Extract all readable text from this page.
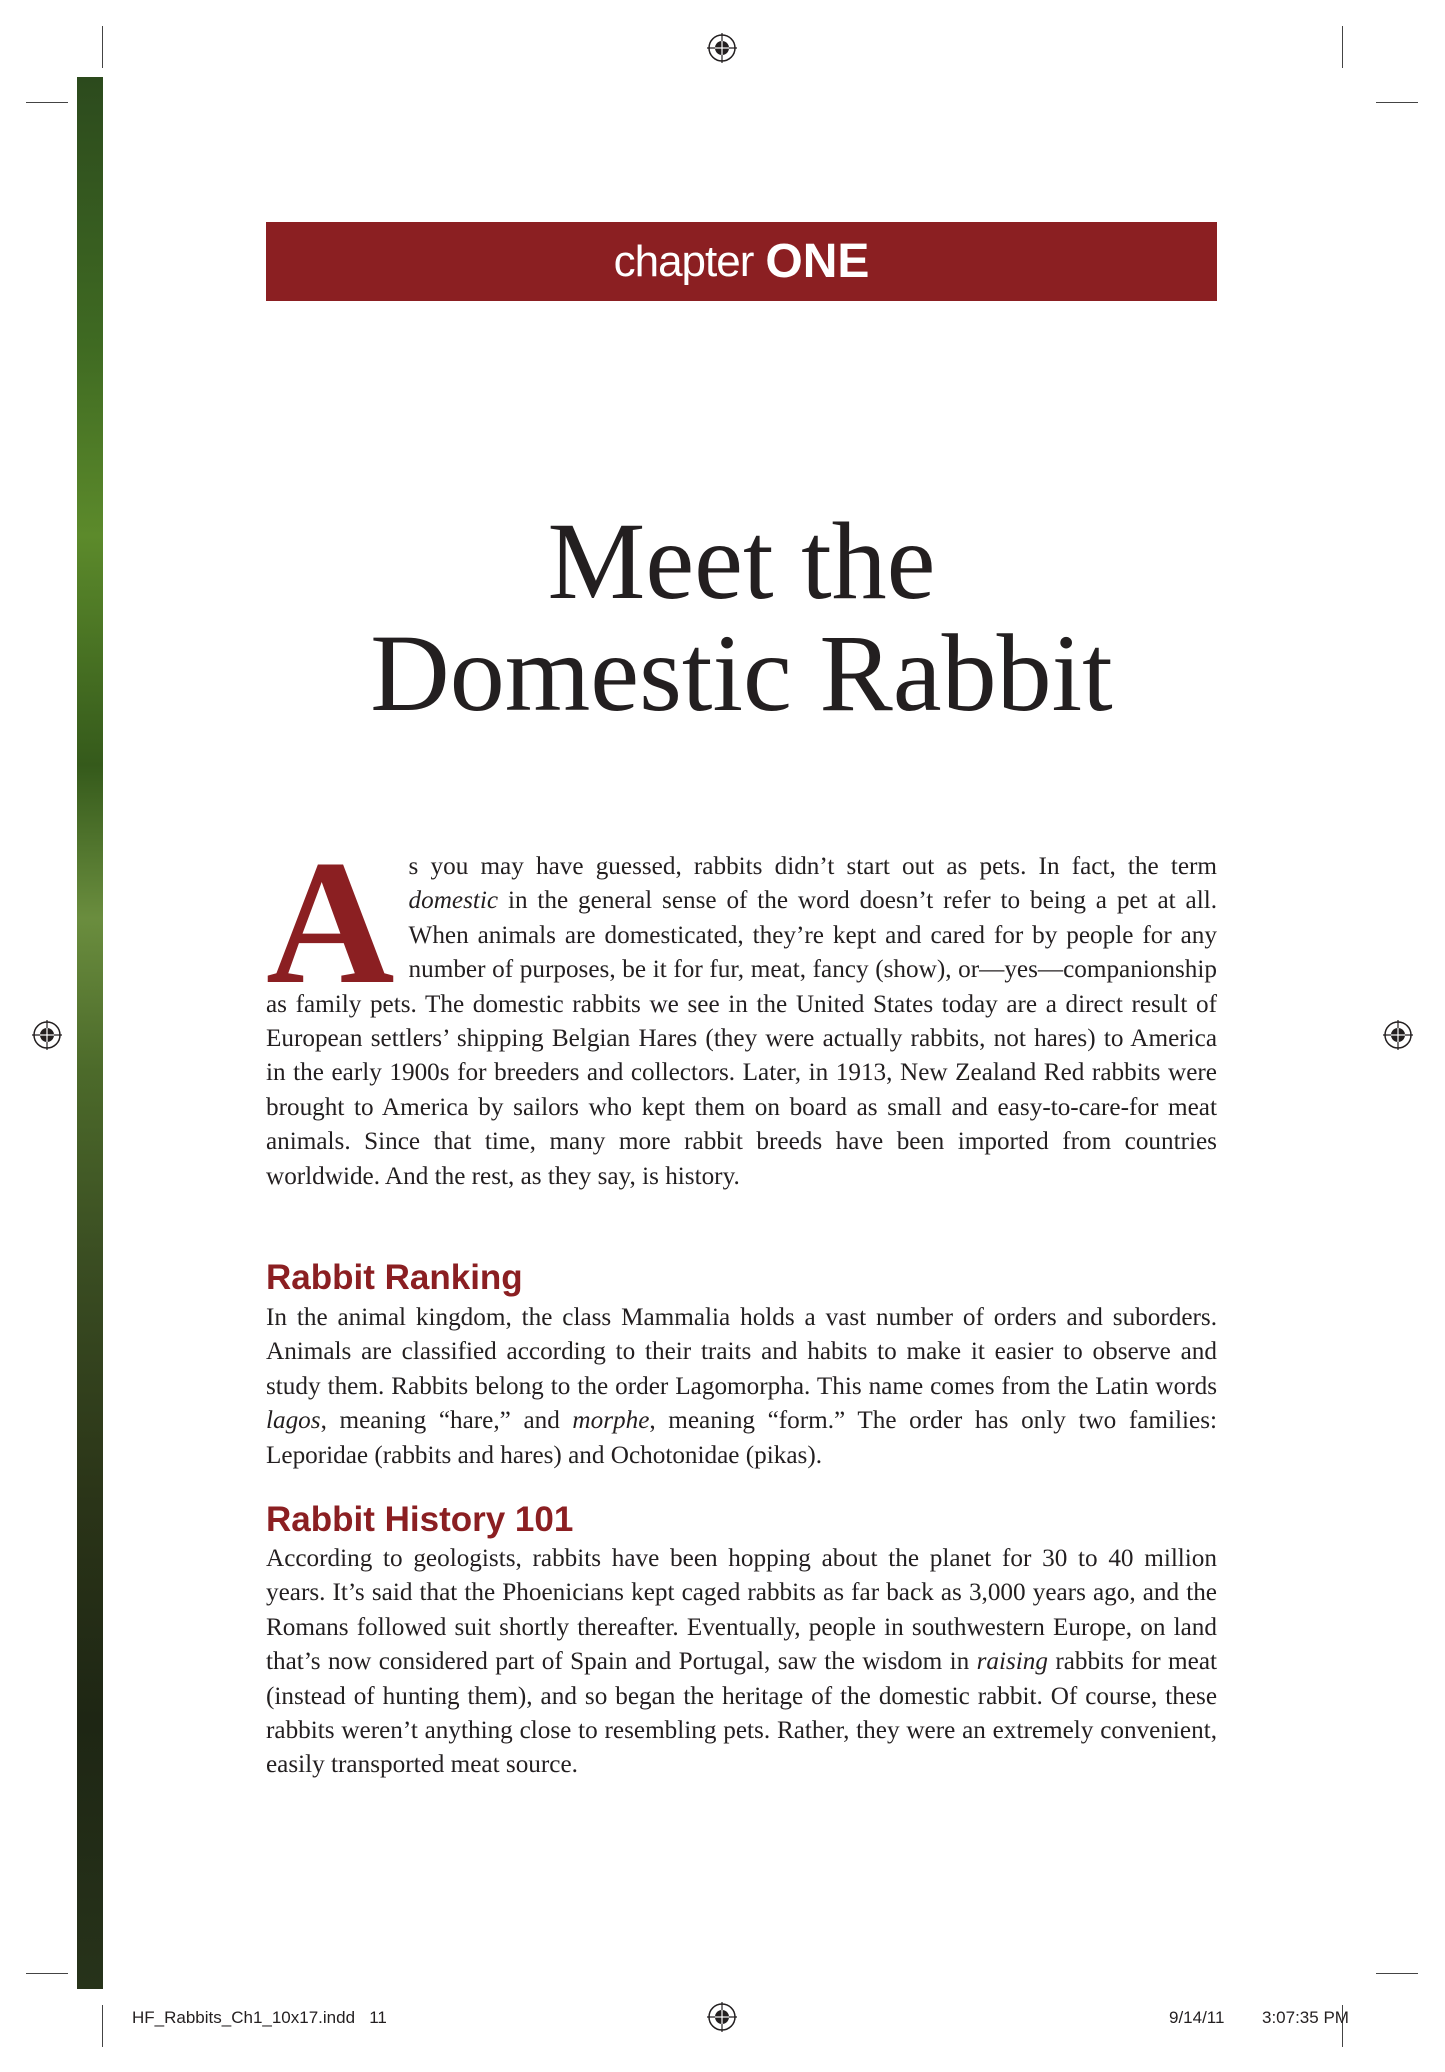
chapter ONE
Meet the
Domestic Rabbit

As you may have guessed, rabbits didn’t start out as pets. In fact, the term domestic in the general sense of the word doesn’t refer to being a pet at all. When animals are domesticated, they’re kept and cared for by people for any number of purposes, be it for fur, meat, fancy (show), or—yes—companionship as family pets. The domestic rabbits we see in the United States today are a direct result of European settlers’ shipping Belgian Hares (they were actually rabbits, not hares) to America in the early 1900s for breeders and collectors. Later, in 1913, New Zealand Red rabbits were brought to America by sailors who kept them on board as small and easy-to-care-for meat animals. Since that time, many more rabbit breeds have been imported from countries worldwide. And the rest, as they say, is history.

Rabbit Ranking

In the animal kingdom, the class Mammalia holds a vast number of orders and suborders. Animals are classified according to their traits and habits to make it easier to observe and study them. Rabbits belong to the order Lagomorpha. This name comes from the Latin words lagos, meaning “hare,” and morphe, meaning “form.” The order has only two families: Leporidae (rabbits and hares) and Ochotonidae (pikas).

Rabbit History 101

According to geologists, rabbits have been hopping about the planet for 30 to 40 million years. It’s said that the Phoenicians kept caged rabbits as far back as 3,000 years ago, and the Romans followed suit shortly thereafter. Eventually, people in southwestern Europe, on land that’s now considered part of Spain and Portugal, saw the wisdom in raising rabbits for meat (instead of hunting them), and so began the heritage of the domestic rabbit. Of course, these rabbits weren’t anything close to resembling pets. Rather, they were an extremely convenient, easily transported meat source.

HF_Rabbits_Ch1_10x17.indd   11	9/14/11 3:07:35 PM
